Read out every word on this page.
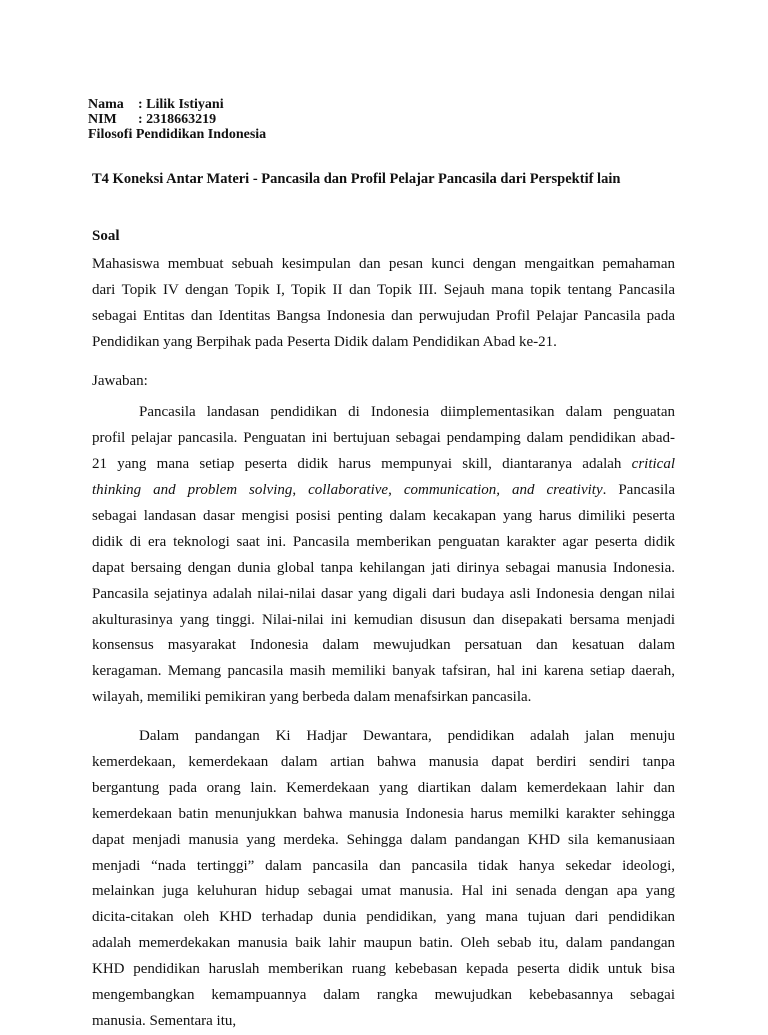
Nama : Lilik Istiyani
NIM : 2318663219
Filosofi Pendidikan Indonesia
T4 Koneksi Antar Materi - Pancasila dan Profil Pelajar Pancasila dari Perspektif lain
Soal
Mahasiswa membuat sebuah kesimpulan dan pesan kunci dengan mengaitkan pemahaman
dari Topik IV dengan Topik I, Topik II dan Topik III. Sejauh mana topik tentang Pancasila
sebagai Entitas dan Identitas Bangsa Indonesia dan perwujudan Profil Pelajar Pancasila pada
Pendidikan yang Berpihak pada Peserta Didik dalam Pendidikan Abad ke-21.
Jawaban:
Pancasila landasan pendidikan di Indonesia diimplementasikan dalam penguatan
profil pelajar pancasila. Penguatan ini bertujuan sebagai pendamping dalam pendidikan abad-
21 yang mana setiap peserta didik harus mempunyai skill, diantaranya adalah critical
thinking and problem solving, collaborative, communication, and creativity. Pancasila
sebagai landasan dasar mengisi posisi penting dalam kecakapan yang harus dimiliki peserta
didik di era teknologi saat ini. Pancasila memberikan penguatan karakter agar peserta didik
dapat bersaing dengan dunia global tanpa kehilangan jati dirinya sebagai manusia Indonesia.
Pancasila sejatinya adalah nilai-nilai dasar yang digali dari budaya asli Indonesia dengan nilai
akulturasinya yang tinggi. Nilai-nilai ini kemudian disusun dan disepakati bersama menjadi
konsensus masyarakat Indonesia dalam mewujudkan persatuan dan kesatuan dalam
keragaman. Memang pancasila masih memiliki banyak tafsiran, hal ini karena setiap daerah,
wilayah, memiliki pemikiran yang berbeda dalam menafsirkan pancasila.
Dalam pandangan Ki Hadjar Dewantara, pendidikan adalah jalan menuju
kemerdekaan, kemerdekaan dalam artian bahwa manusia dapat berdiri sendiri tanpa
bergantung pada orang lain. Kemerdekaan yang diartikan dalam kemerdekaan lahir dan
kemerdekaan batin menunjukkan bahwa manusia Indonesia harus memilki karakter sehingga
dapat menjadi manusia yang merdeka. Sehingga dalam pandangan KHD sila kemanusiaan
menjadi “nada tertinggi” dalam pancasila dan pancasila tidak hanya sekedar ideologi,
melainkan juga keluhuran hidup sebagai umat manusia. Hal ini senada dengan apa yang
dicita-citakan oleh KHD terhadap dunia pendidikan, yang mana tujuan dari pendidikan
adalah memerdekakan manusia baik lahir maupun batin. Oleh sebab itu, dalam pandangan
KHD pendidikan haruslah memberikan ruang kebebasan kepada peserta didik untuk bisa
mengembangkan kemampuannya dalam rangka mewujudkan kebebasannya sebagai
manusia. Sementara itu,
